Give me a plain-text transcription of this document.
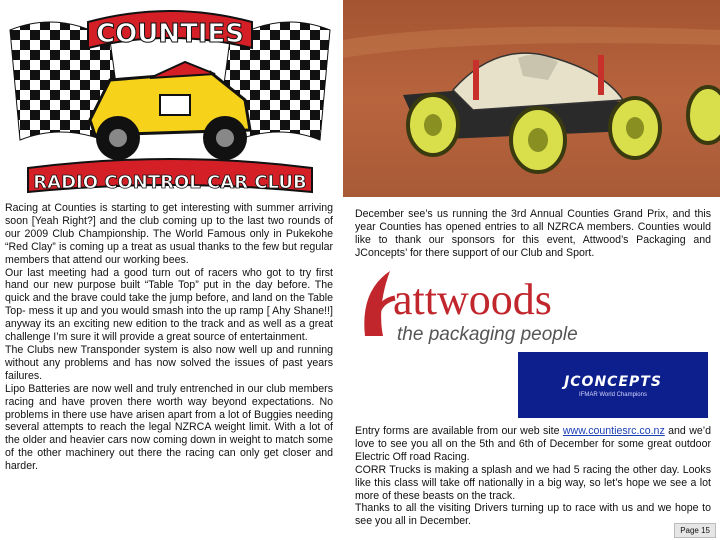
COUNTIES
RADIO CONTROL CAR CLUB

Racing at Counties is starting to get interesting with summer arriving soon [Yeah Right?] and the club coming up to the last two rounds of our 2009 Club Championship. The World Famous only in Pukekohe “Red Clay” is coming up a treat as usual thanks to the few but regular members that attend our working bees.

Our last meeting had a good turn out of racers who got to try first hand our new purpose built “Table Top” put in the day before. The quick and the brave could take the jump before, and land on the Table Top- mess it up and you would smash into the up ramp [ Ahy Shane!!] anyway its an exciting new edition to the track and as well as a great challenge I’m sure it will provide a great source of entertainment.

The Clubs new Transponder system is also now well up and running without any problems and has now solved the issues of past years failures.

Lipo Batteries are now well and truly entrenched in our club members racing and have proven there worth way beyond expectations. No problems in there use have arisen apart from a lot of Buggies needing several attempts to reach the legal NZRCA weight limit. With a lot of the older and heavier cars now coming down in weight to match some of the other machinery out there the racing can only get closer and harder.

December see’s us running the 3rd Annual Counties Grand Prix, and this year Counties has opened entries to all NZRCA members. Counties would like to thank our sponsors for this event, Attwood’s Packaging and JConcepts’ for there support of our Club and Sport.

attwoods
the packaging people
JCONCEPTS
IFMAR World Champions

Entry forms are available from our web site www.countiesrc.co.nz and we’d love to see you all on the 5th and 6th of December for some great outdoor Electric Off road Racing.

CORR Trucks is making a splash and we had 5 racing the other day. Looks like this class will take off nationally in a big way, so let’s hope we see a lot more of these beasts on the track.

Thanks to all the visiting Drivers turning up to race with us and we hope to see you all in December.

Page 15
